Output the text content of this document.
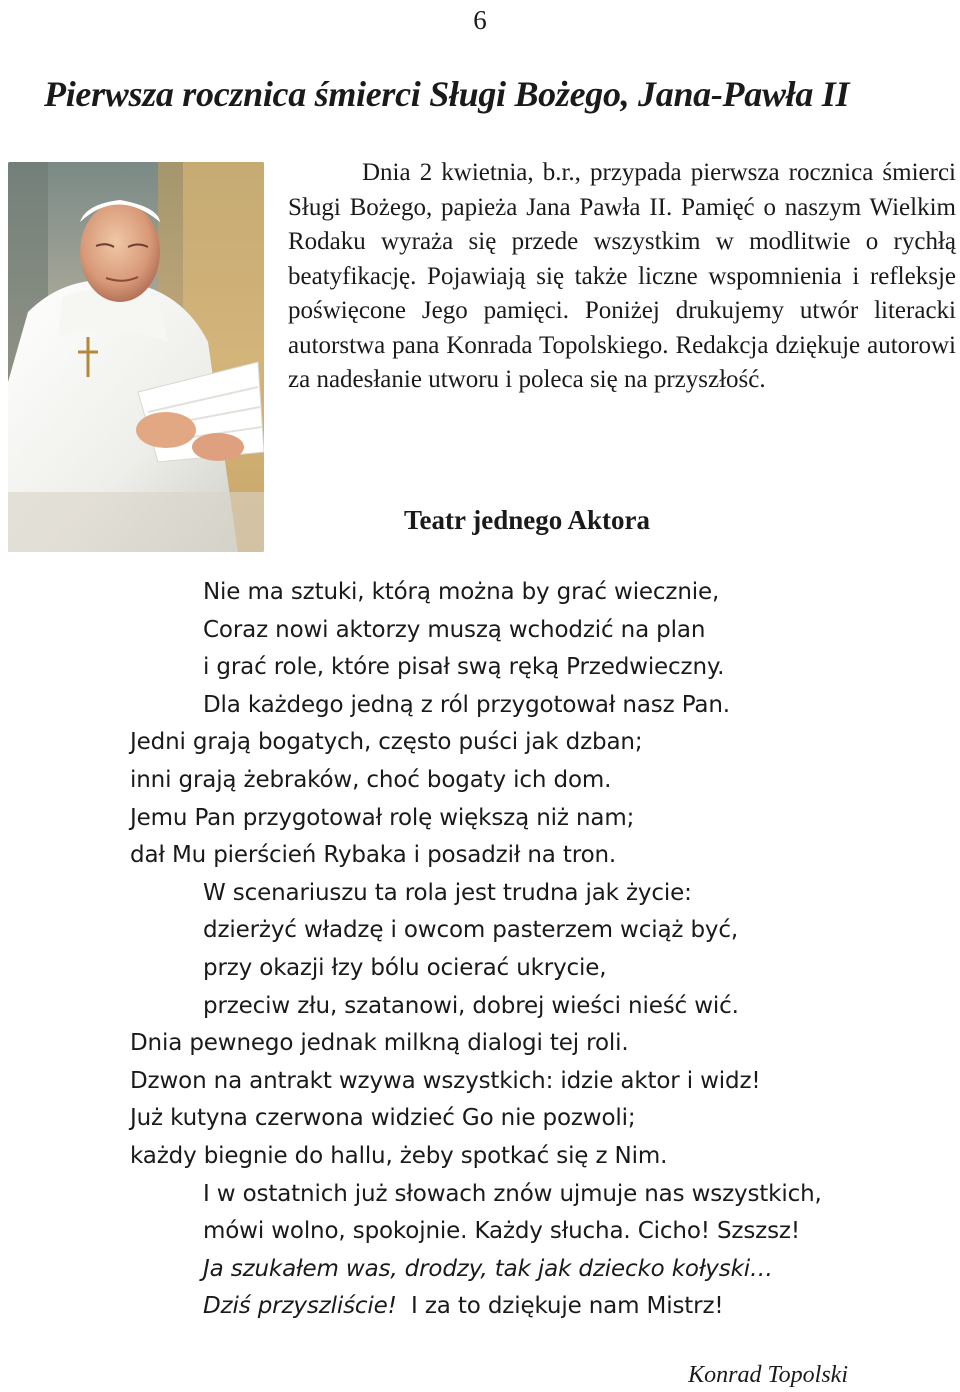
6
Pierwsza rocznica śmierci Sługi Bożego, Jana-Pawła II

Dnia 2 kwietnia, b.r., przypada pierwsza rocznica śmierci Sługi Bożego, papieża Jana Pawła II. Pamięć o naszym Wielkim Rodaku wyraża się przede wszystkim w modlitwie o rychłą beatyfikację. Pojawiają się także liczne wspomnienia i refleksje poświęcone Jego pamięci. Poniżej drukujemy utwór literacki autorstwa pana Konrada Topolskiego. Redakcja dziękuje autorowi za nadesłanie utworu i poleca się na przyszłość.

Teatr jednego Aktora
Nie ma sztuki, którą można by grać wiecznie,
Coraz nowi aktorzy muszą wchodzić na plan
i grać role, które pisał swą ręką Przedwieczny.
Dla każdego jedną z ról przygotował nasz Pan.
Jedni grają bogatych, często puści jak dzban;
inni grają żebraków, choć bogaty ich dom.
Jemu Pan przygotował rolę większą niż nam;
dał Mu pierścień Rybaka i posadził na tron.
W scenariuszu ta rola jest trudna jak życie:
dzierżyć władzę i owcom pasterzem wciąż być,
przy okazji łzy bólu ocierać ukrycie,
przeciw złu, szatanowi, dobrej wieści nieść wić.
Dnia pewnego jednak milkną dialogi tej roli.
Dzwon na antrakt wzywa wszystkich: idzie aktor i widz!
Już kutyna czerwona widzieć Go nie pozwoli;
każdy biegnie do hallu, żeby spotkać się z Nim.
I w ostatnich już słowach znów ujmuje nas wszystkich,
mówi wolno, spokojnie. Każdy słucha. Cicho! Szszsz!
Ja szukałem was, drodzy, tak jak dziecko kołyski…
Dziś przyszliście!  I za to dziękuje nam Mistrz!
Konrad Topolski
